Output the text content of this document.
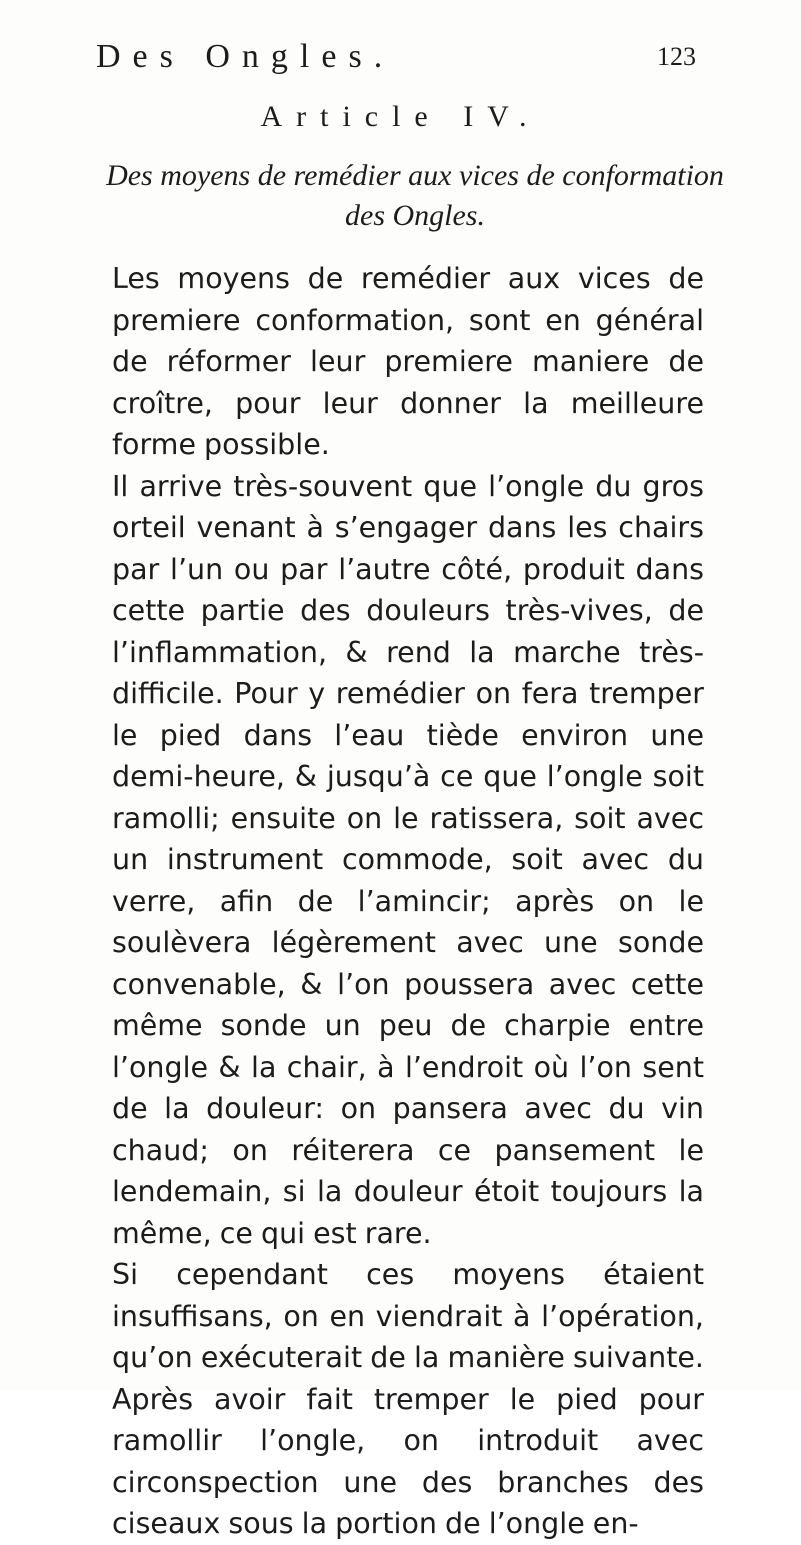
Des Ongles.	123
Article IV.
Des moyens de remédier aux vices de conformation des Ongles.

Les moyens de remédier aux vices de premiere conformation, sont en général de réformer leur premiere maniere de croître, pour leur donner la meilleure forme possible.

Il arrive très-souvent que l’ongle du gros orteil venant à s’engager dans les chairs par l’un ou par l’autre côté, produit dans cette partie des douleurs très-vives, de l’inflammation, & rend la marche très-difficile. Pour y remédier on fera tremper le pied dans l’eau tiède environ une demi-heure, & jusqu’à ce que l’ongle soit ramolli; ensuite on le ratissera, soit avec un instrument commode, soit avec du verre, afin de l’amincir; après on le soulèvera légèrement avec une sonde convenable, & l’on poussera avec cette même sonde un peu de charpie entre l’ongle & la chair, à l’endroit où l’on sent de la douleur: on pansera avec du vin chaud; on réiterera ce pansement le lendemain, si la douleur étoit toujours la même, ce qui est rare.

Si cependant ces moyens étaient insuffisans, on en viendrait à l’opération, qu’on exécuterait de la manière suivante. Après avoir fait tremper le pied pour ramollir l’ongle, on introduit avec circonspection une des branches des ciseaux sous la portion de l’ongle en-
